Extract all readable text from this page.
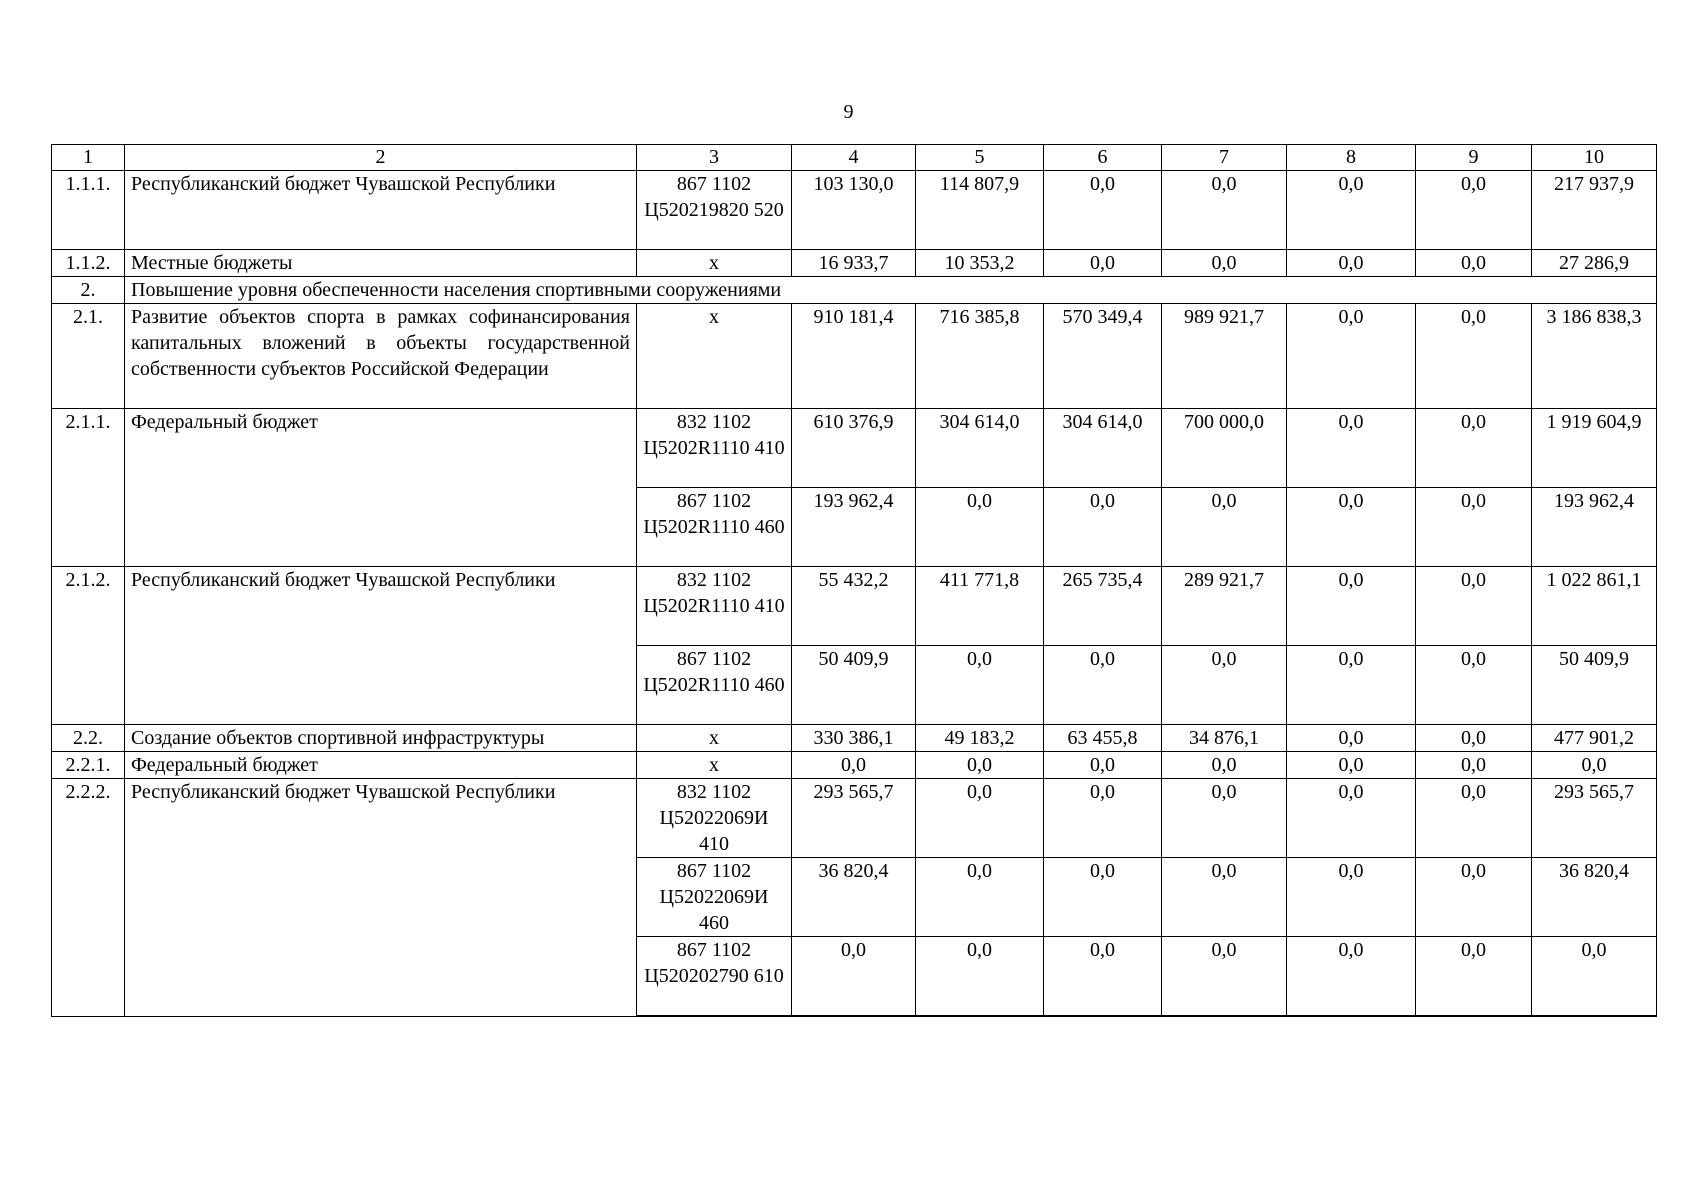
9
1	2	3	4	5	6	7	8	9	10
1.1.1.	Республиканский бюджет Чувашской Республики	867 1102 Ц520219820 520	103 130,0	114 807,9	0,0	0,0	0,0	0,0	217 937,9
1.1.2.	Местные бюджеты	х	16 933,7	10 353,2	0,0	0,0	0,0	0,0	27 286,9
2.	Повышение уровня обеспеченности населения спортивными сооружениями								
2.1.	Развитие объектов спорта в рамках софинансирования капитальных вложений в объекты государственной собственности субъектов Российской Федерации	х	910 181,4	716 385,8	570 349,4	989 921,7	0,0	0,0	3 186 838,3
2.1.1.	Федеральный бюджет	832 1102 Ц5202R1110 410	610 376,9	304 614,0	304 614,0	700 000,0	0,0	0,0	1 919 604,9
		867 1102 Ц5202R1110 460	193 962,4	0,0	0,0	0,0	0,0	0,0	193 962,4
2.1.2.	Республиканский бюджет Чувашской Республики	832 1102 Ц5202R1110 410	55 432,2	411 771,8	265 735,4	289 921,7	0,0	0,0	1 022 861,1
		867 1102 Ц5202R1110 460	50 409,9	0,0	0,0	0,0	0,0	0,0	50 409,9
2.2.	Создание объектов спортивной инфраструктуры	х	330 386,1	49 183,2	63 455,8	34 876,1	0,0	0,0	477 901,2
2.2.1.	Федеральный бюджет	х	0,0	0,0	0,0	0,0	0,0	0,0	0,0
2.2.2.	Республиканский бюджет Чувашской Республики	832 1102 Ц52022069И 410	293 565,7	0,0	0,0	0,0	0,0	0,0	293 565,7
		867 1102 Ц52022069И 460	36 820,4	0,0	0,0	0,0	0,0	0,0	36 820,4
		867 1102 Ц520202790 610	0,0	0,0	0,0	0,0	0,0	0,0	0,0
